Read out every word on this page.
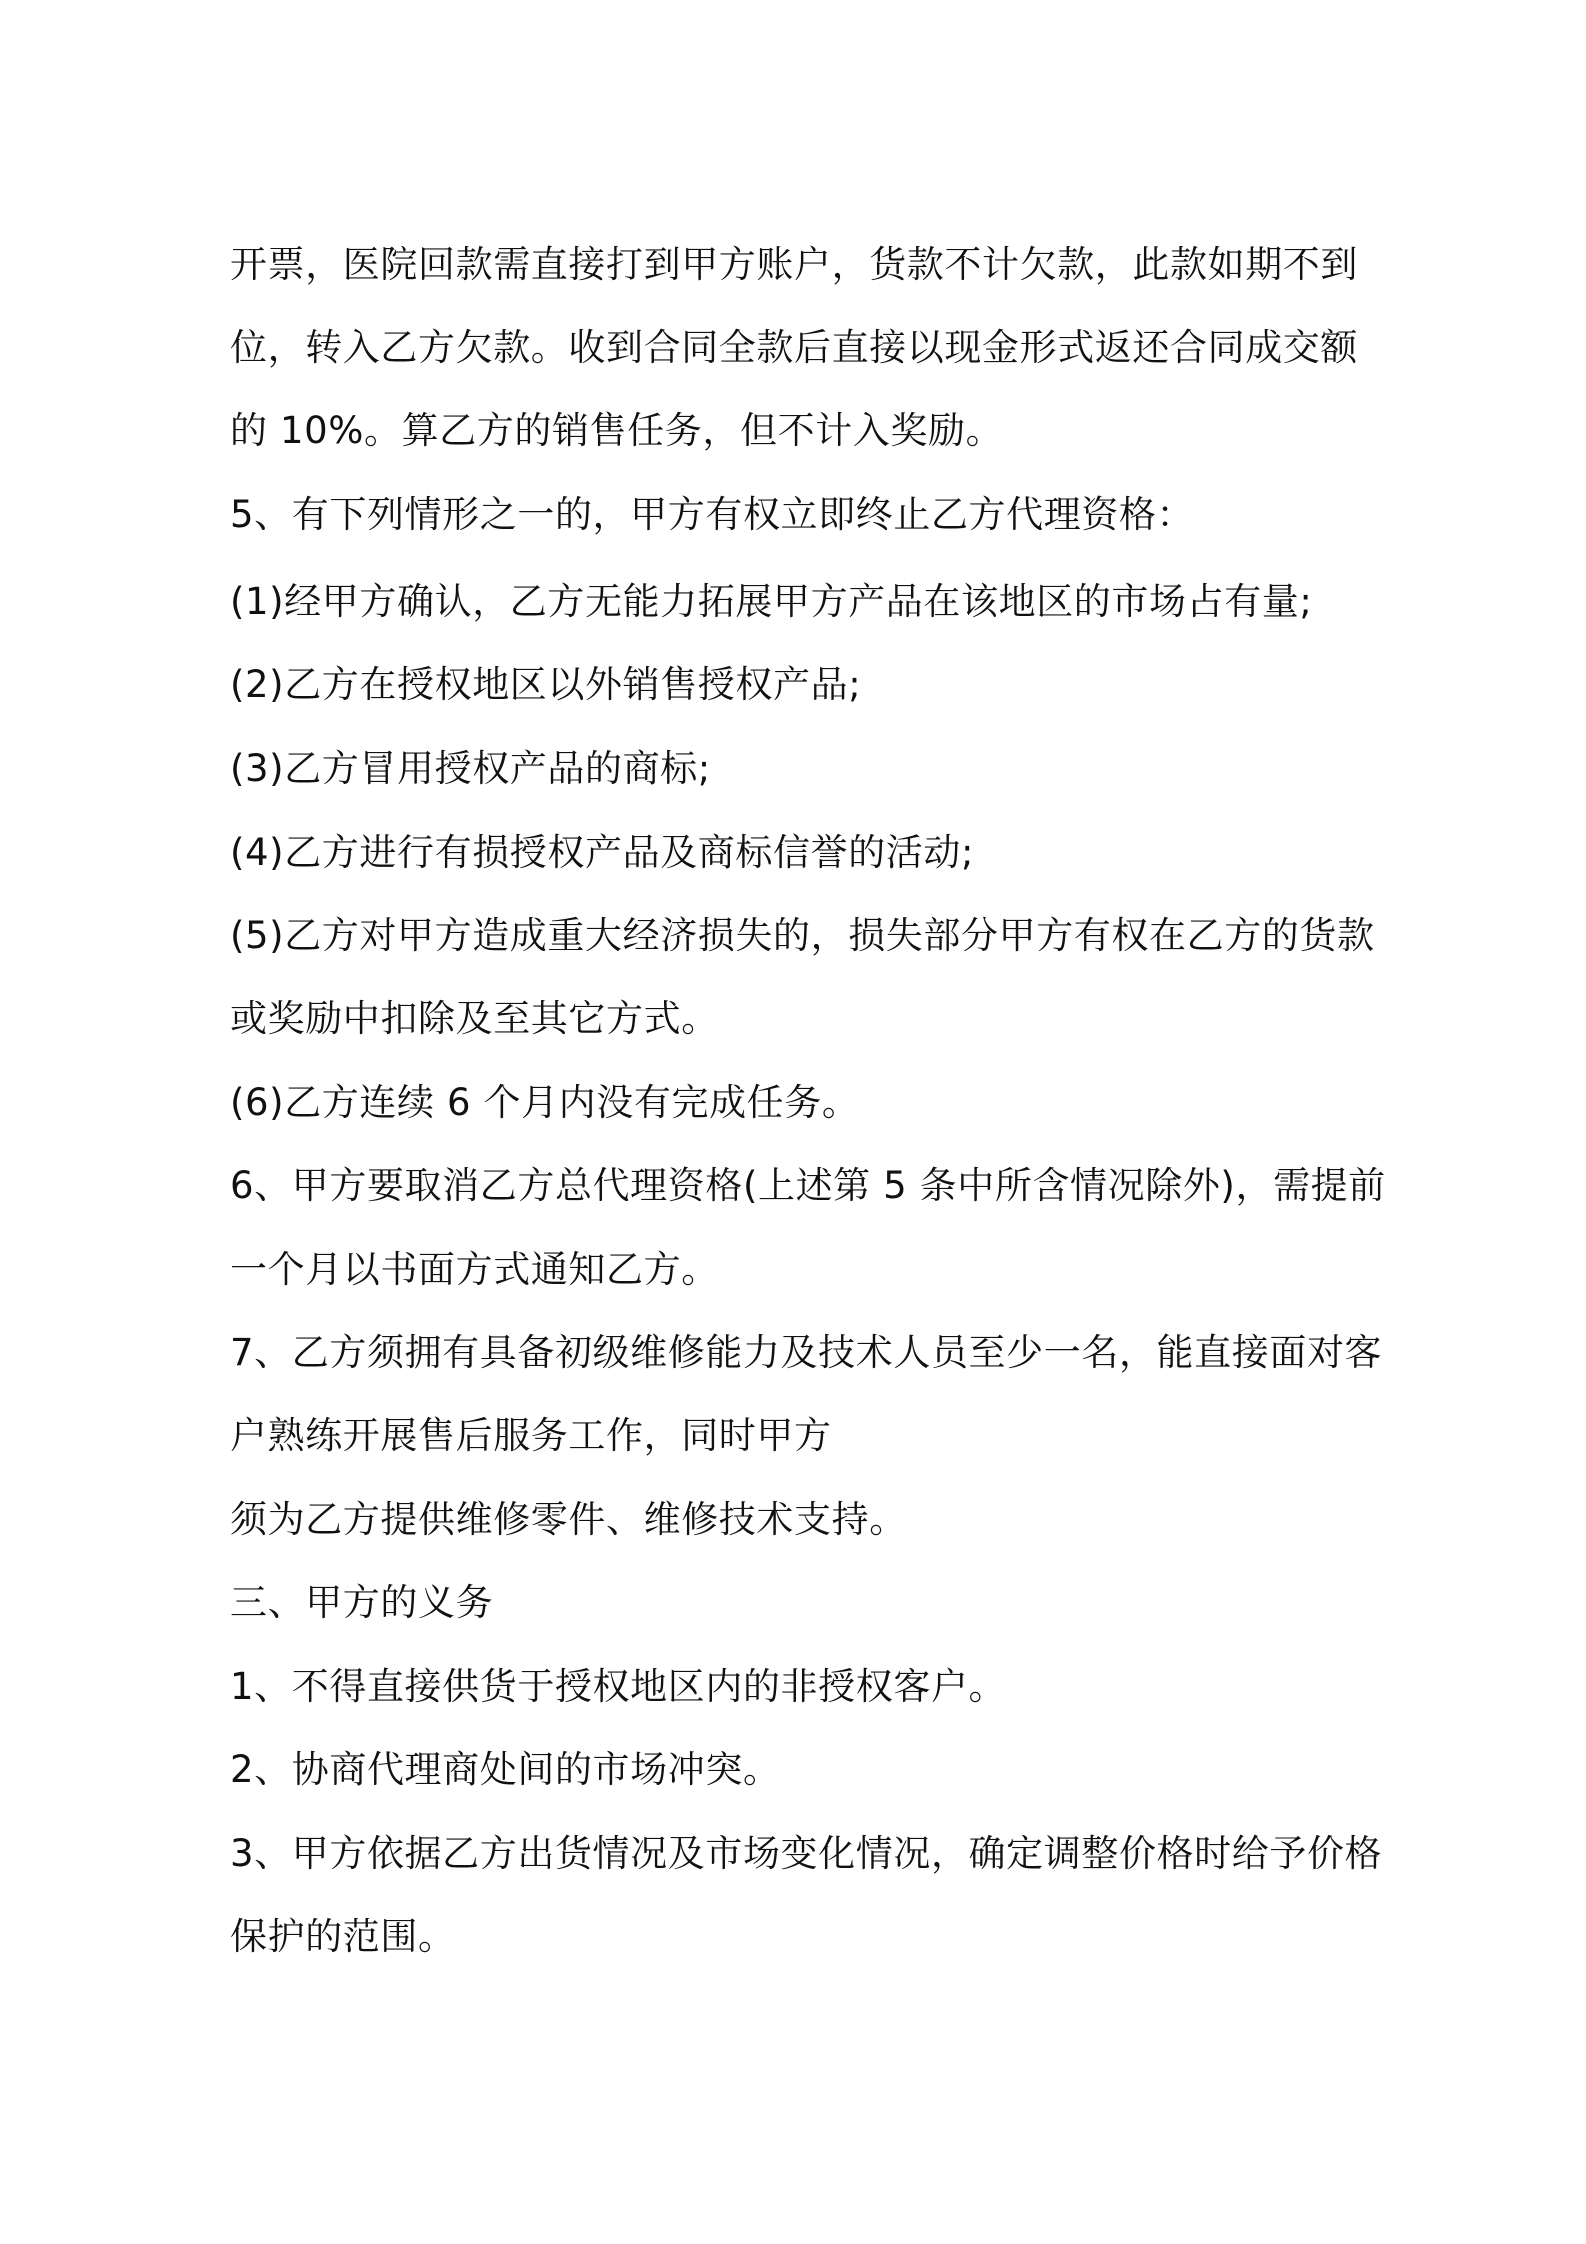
开票，医院回款需直接打到甲方账户，货款不计欠款，此款如期不到
位，转入乙方欠款。收到合同全款后直接以现金形式返还合同成交额
的 10%。算乙方的销售任务，但不计入奖励。
5、有下列情形之一的，甲方有权立即终止乙方代理资格：
(1)经甲方确认，乙方无能力拓展甲方产品在该地区的市场占有量;
(2)乙方在授权地区以外销售授权产品;
(3)乙方冒用授权产品的商标;
(4)乙方进行有损授权产品及商标信誉的活动;
(5)乙方对甲方造成重大经济损失的，损失部分甲方有权在乙方的货款
或奖励中扣除及至其它方式。
(6)乙方连续 6 个月内没有完成任务。
6、甲方要取消乙方总代理资格(上述第 5 条中所含情况除外)，需提前
一个月以书面方式通知乙方。
7、乙方须拥有具备初级维修能力及技术人员至少一名，能直接面对客
户熟练开展售后服务工作，同时甲方
须为乙方提供维修零件、维修技术支持。
三、甲方的义务
1、不得直接供货于授权地区内的非授权客户。
2、协商代理商处间的市场冲突。
3、甲方依据乙方出货情况及市场变化情况，确定调整价格时给予价格
保护的范围。
